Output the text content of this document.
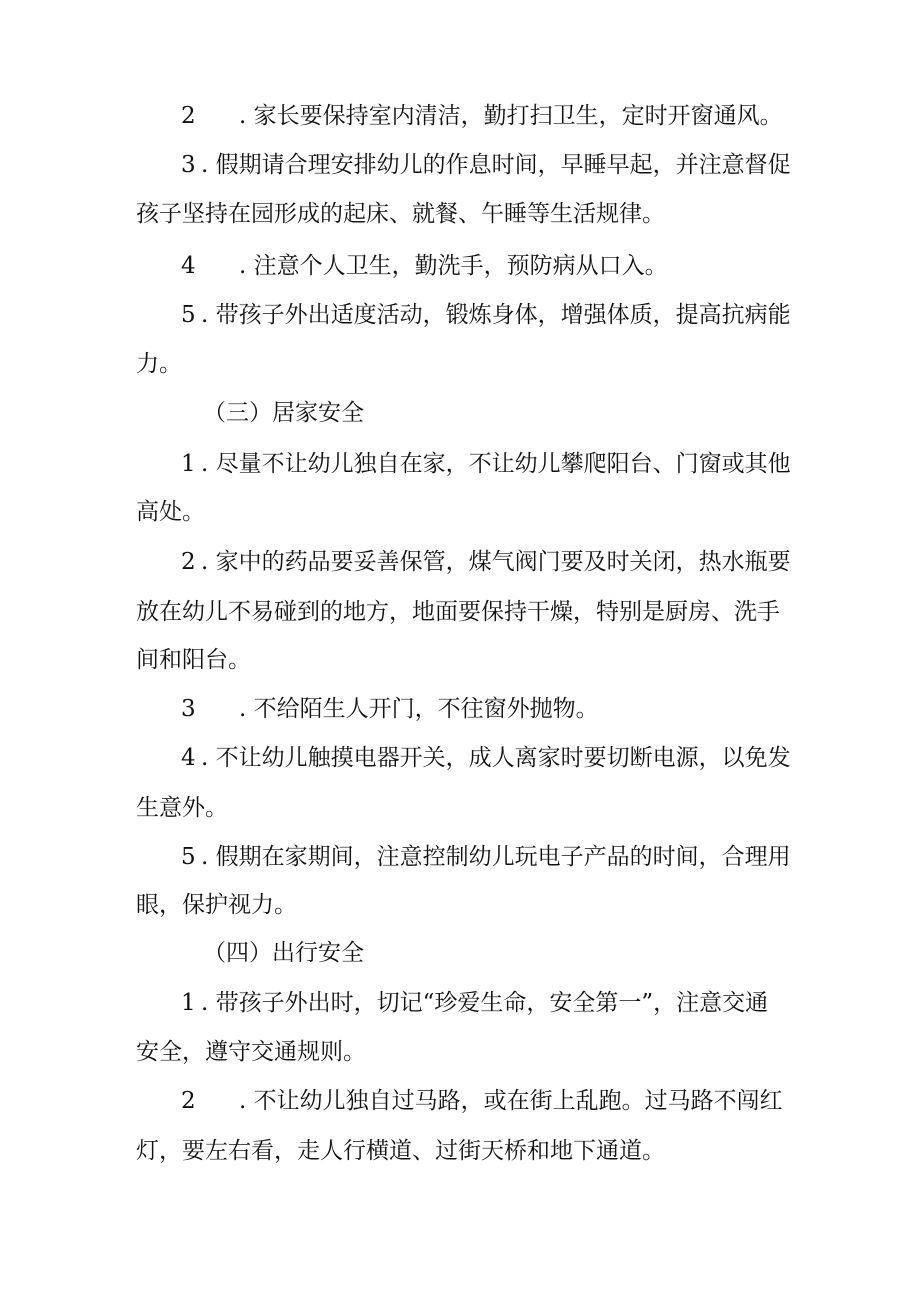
2 . 家长要保持室内清洁，勤打扫卫生，定时开窗通风。
3 . 假期请合理安排幼儿的作息时间，早睡早起，并注意督促
孩子坚持在园形成的起床、就餐、午睡等生活规律。
4 . 注意个人卫生，勤洗手，预防病从口入。
5 . 带孩子外出适度活动，锻炼身体，增强体质，提高抗病能
力。
（三）居家安全
1 . 尽量不让幼儿独自在家，不让幼儿攀爬阳台、门窗或其他
高处。
2 . 家中的药品要妥善保管，煤气阀门要及时关闭，热水瓶要
放在幼儿不易碰到的地方，地面要保持干燥，特别是厨房、洗手
间和阳台。
3 . 不给陌生人开门，不往窗外抛物。
4 . 不让幼儿触摸电器开关，成人离家时要切断电源，以免发
生意外。
5 . 假期在家期间，注意控制幼儿玩电子产品的时间，合理用
眼，保护视力。
（四）出行安全
1 . 带孩子外出时，切记“珍爱生命，安全第一”，注意交通
安全，遵守交通规则。
2 . 不让幼儿独自过马路，或在街上乱跑。过马路不闯红
灯，要左右看，走人行横道、过街天桥和地下通道。
